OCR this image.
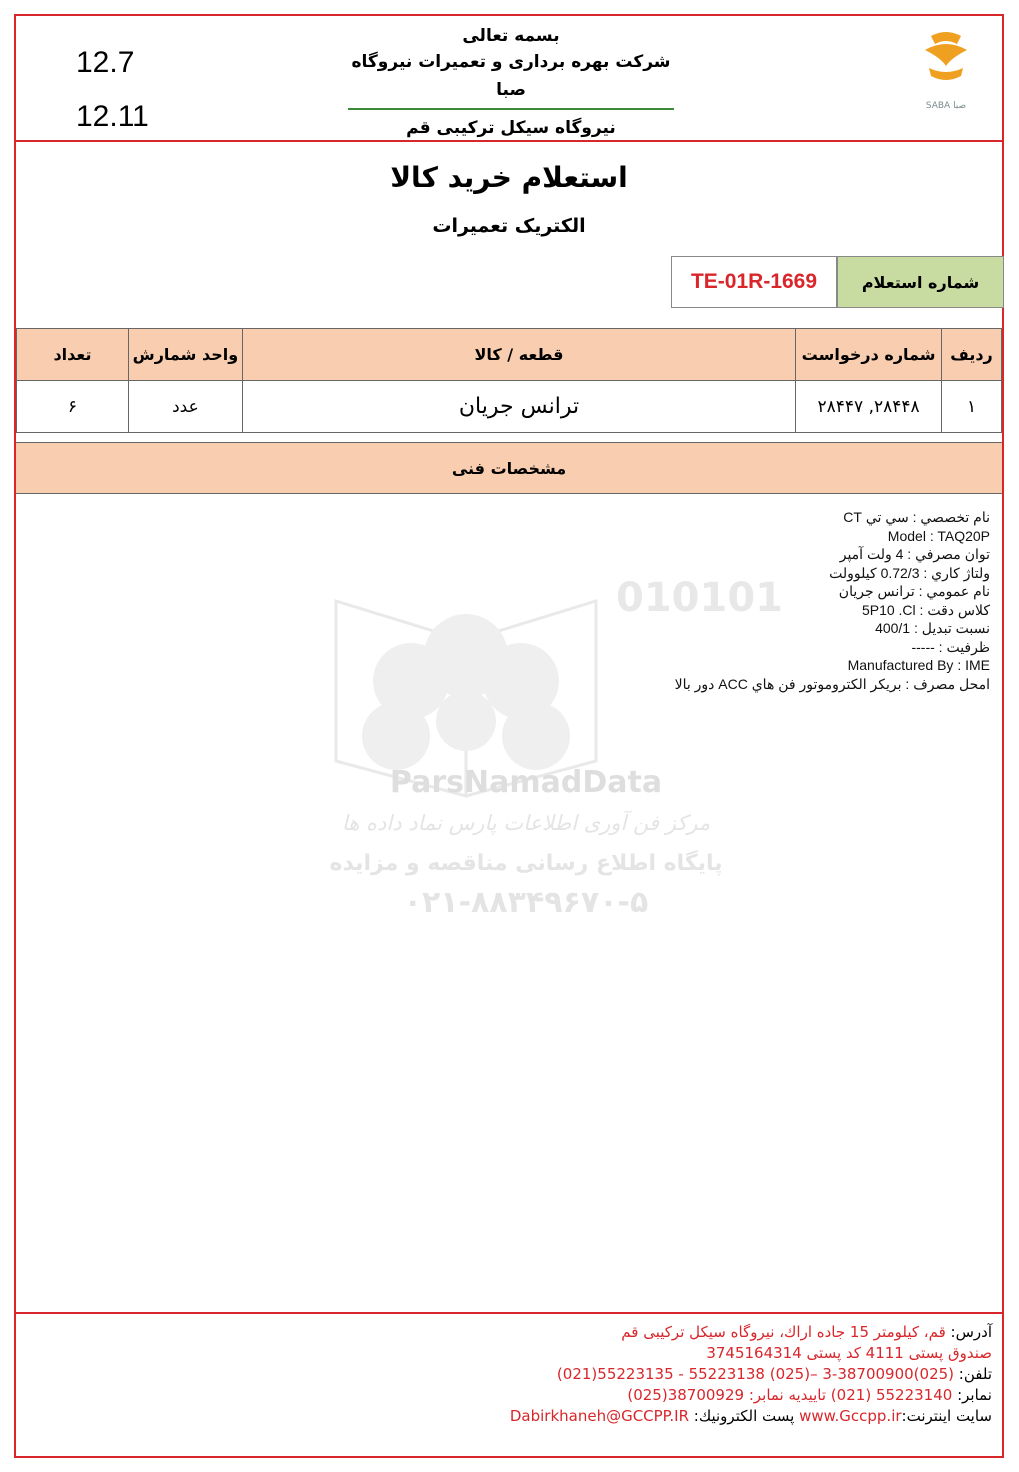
12.7
12.11
بسمه تعالی
شرکت بهره برداری و تعمیرات نیروگاه صبا
نیروگاه سیکل ترکیبی قم
SABA صبا
استعلام خرید کالا
الکتریک تعمیرات
TE-01R-1669	شماره استعلام
ردیف	شماره درخواست	قطعه / کالا	واحد شمارش	تعداد
۱	۲۸۴۴۸, ۲۸۴۴۷	ترانس جریان	عدد	۶
مشخصات فنی
010101
ParsNamadData
مرکز فن آوری اطلاعات پارس نماد داده ها
پایگاه اطلاع رسانی مناقصه و مزایده
۰۲۱-۸۸۳۴۹۶۷۰-۵
نام تخصصي : سي تي CT
Model : TAQ20P
توان مصرفي : 4 ولت آمپر
ولتاژ كاري : 0.72/3 كيلوولت
نام عمومي : ترانس جريان
كلاس دقت : 5P10 .Cl
نسبت تبديل : 400/1
ظرفيت : -----
Manufactured By : IME
امحل مصرف : بريكر الكتروموتور فن هاي ACC دور بالا
آدرس: قم، کیلومتر 15 جاده اراك، نیروگاه سیكل تركیبی قم
صندوق پستی 4111 كد پستی 3745164314
تلفن: (025)38700900-3 –(025) 55223138 - 55223135(021)
نمابر: 55223140 (021) تاييديه نمابر: 38700929(025)
سایت اینترنت:www.Gccpp.ir پست الكترونيك: Dabirkhaneh@GCCPP.IR
